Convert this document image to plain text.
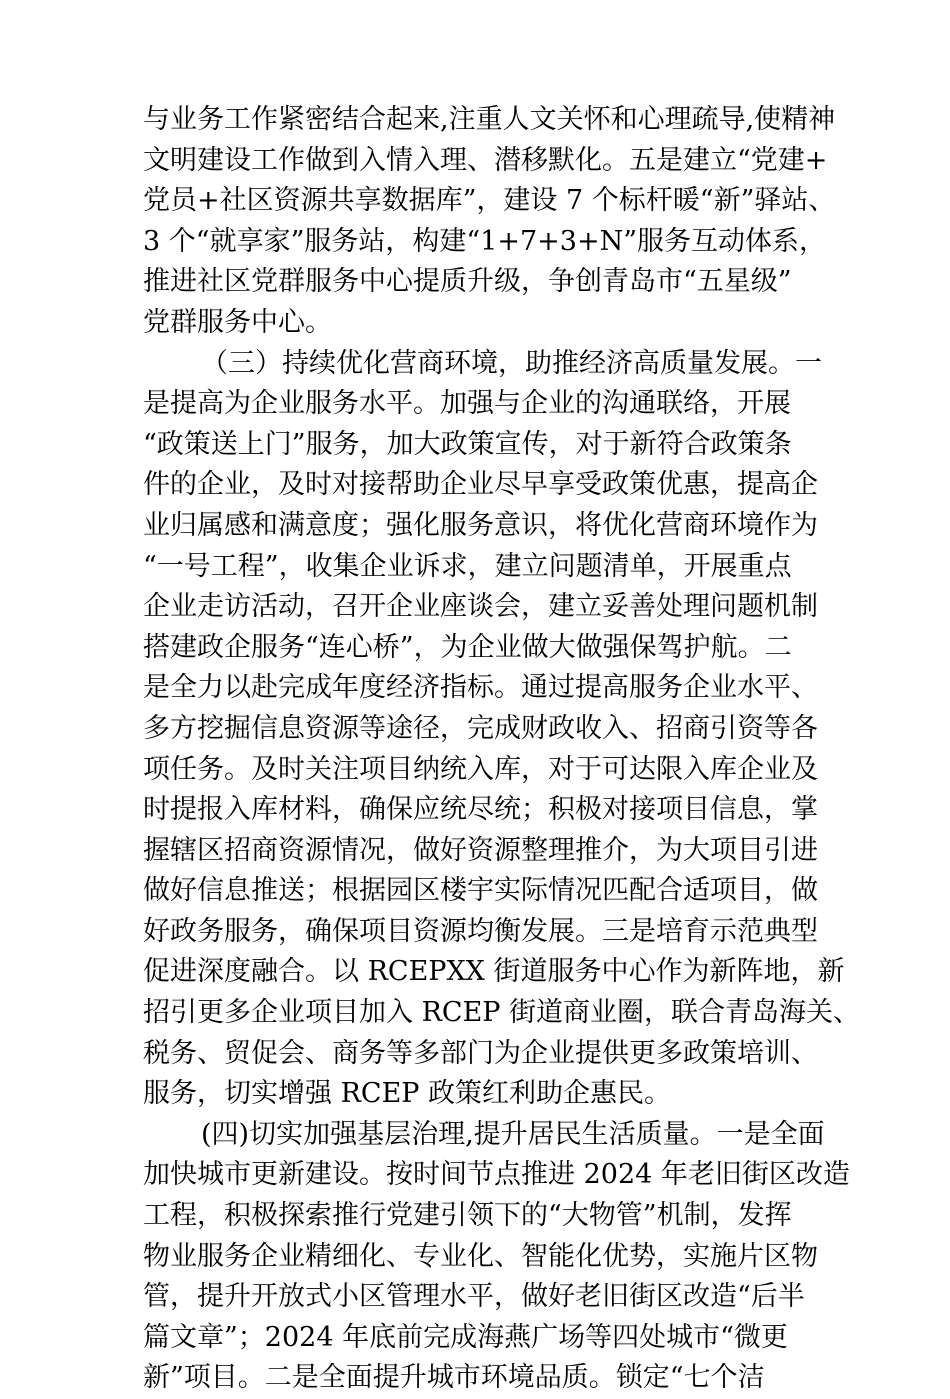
与业务工作紧密结合起来,注重人文关怀和心理疏导,使精神
文明建设工作做到入情入理、潜移默化。五是建立“党建+
党员+社区资源共享数据库”，建设 7 个标杆暖“新”驿站、
3 个“就享家”服务站，构建“1+7+3+N”服务互动体系，
推进社区党群服务中心提质升级，争创青岛市“五星级”
党群服务中心。
（三）持续优化营商环境，助推经济高质量发展。一
是提高为企业服务水平。加强与企业的沟通联络，开展
“政策送上门”服务，加大政策宣传，对于新符合政策条
件的企业，及时对接帮助企业尽早享受政策优惠，提高企
业归属感和满意度；强化服务意识，将优化营商环境作为
“一号工程”，收集企业诉求，建立问题清单，开展重点
企业走访活动，召开企业座谈会，建立妥善处理问题机制
搭建政企服务“连心桥”，为企业做大做强保驾护航。二
是全力以赴完成年度经济指标。通过提高服务企业水平、
多方挖掘信息资源等途径，完成财政收入、招商引资等各
项任务。及时关注项目纳统入库，对于可达限入库企业及
时提报入库材料，确保应统尽统；积极对接项目信息，掌
握辖区招商资源情况，做好资源整理推介，为大项目引进
做好信息推送；根据园区楼宇实际情况匹配合适项目，做
好政务服务，确保项目资源均衡发展。三是培育示范典型
促进深度融合。以 RCEPXX 街道服务中心作为新阵地，新
招引更多企业项目加入 RCEP 街道商业圈，联合青岛海关、
税务、贸促会、商务等多部门为企业提供更多政策培训、
服务，切实增强 RCEP 政策红利助企惠民。
(四)切实加强基层治理,提升居民生活质量。一是全面
加快城市更新建设。按时间节点推进 2024 年老旧街区改造
工程，积极探索推行党建引领下的“大物管”机制，发挥
物业服务企业精细化、专业化、智能化优势，实施片区物
管，提升开放式小区管理水平，做好老旧街区改造“后半
篇文章”；2024 年底前完成海燕广场等四处城市“微更
新”项目。二是全面提升城市环境品质。锁定“七个洁
